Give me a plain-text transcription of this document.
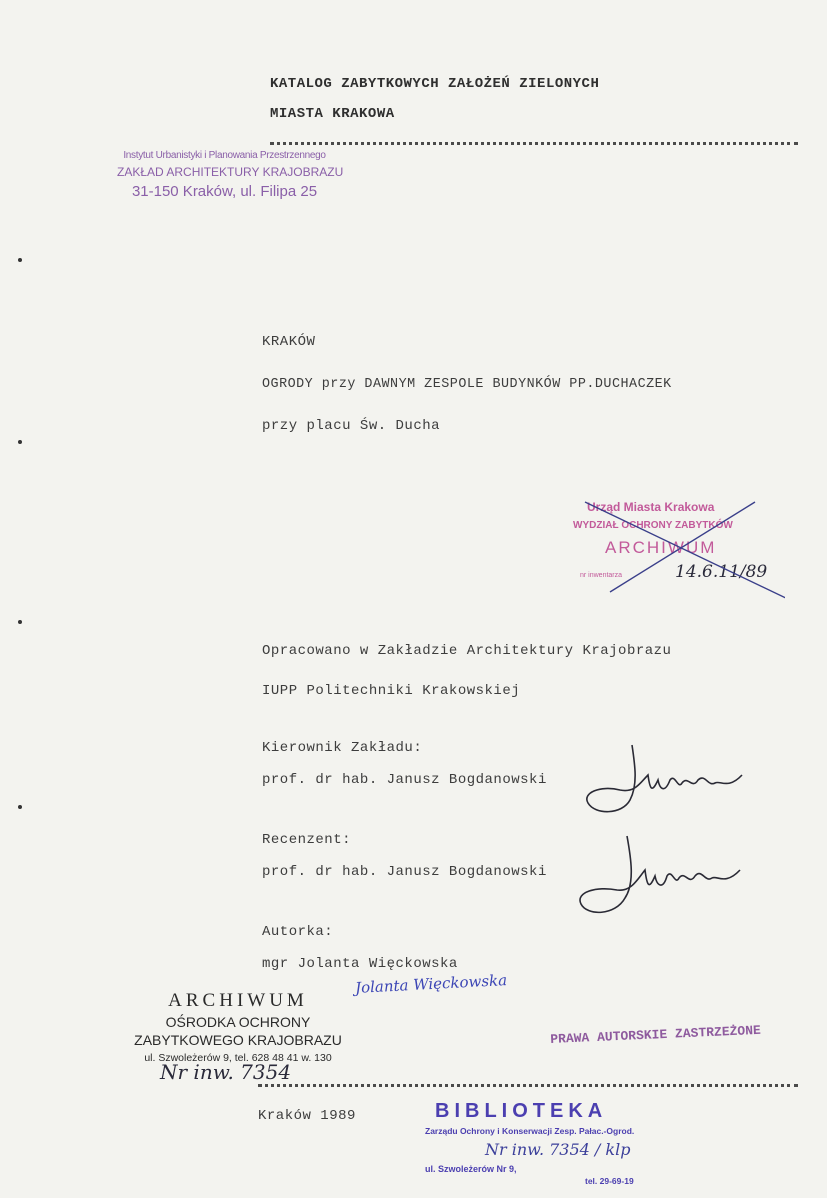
KATALOG ZABYTKOWYCH ZAŁOŻEŃ ZIELONYCH
MIASTA KRAKOWA
Instytut Urbanistyki i Planowania Przestrzennego
ZAKŁAD ARCHITEKTURY KRAJOBRAZU
31-150 Kraków, ul. Filipa 25
KRAKÓW
OGRODY przy DAWNYM ZESPOLE BUDYNKÓW PP.DUCHACZEK
przy placu Św. Ducha
Urząd Miasta Krakowa
WYDZIAŁ OCHRONY ZABYTKÓW
ARCHIWUM
nr inwentarza	14.6.11/89
Opracowano w Zakładzie Architektury Krajobrazu
IUPP Politechniki Krakowskiej
Kierownik Zakładu:
prof. dr hab. Janusz Bogdanowski
Recenzent:
prof. dr hab. Janusz Bogdanowski
Autorka:
mgr Jolanta Więckowska
Jolanta Więckowska
ARCHIWUM
OŚRODKA OCHRONY
ZABYTKOWEGO KRAJOBRAZU
ul. Szwoleżerów 9, tel. 628 48 41 w. 130
Nr inw. 7354
PRAWA AUTORSKIE ZASTRZEŻONE
Kraków 1989	BIBLIOTEKA
Zarządu Ochrony i Konserwacji Zesp. Pałac.-Ogrod.
Nr inw. 7354 / klp
ul. Szwoleżerów Nr 9,
tel. 29-69-19
